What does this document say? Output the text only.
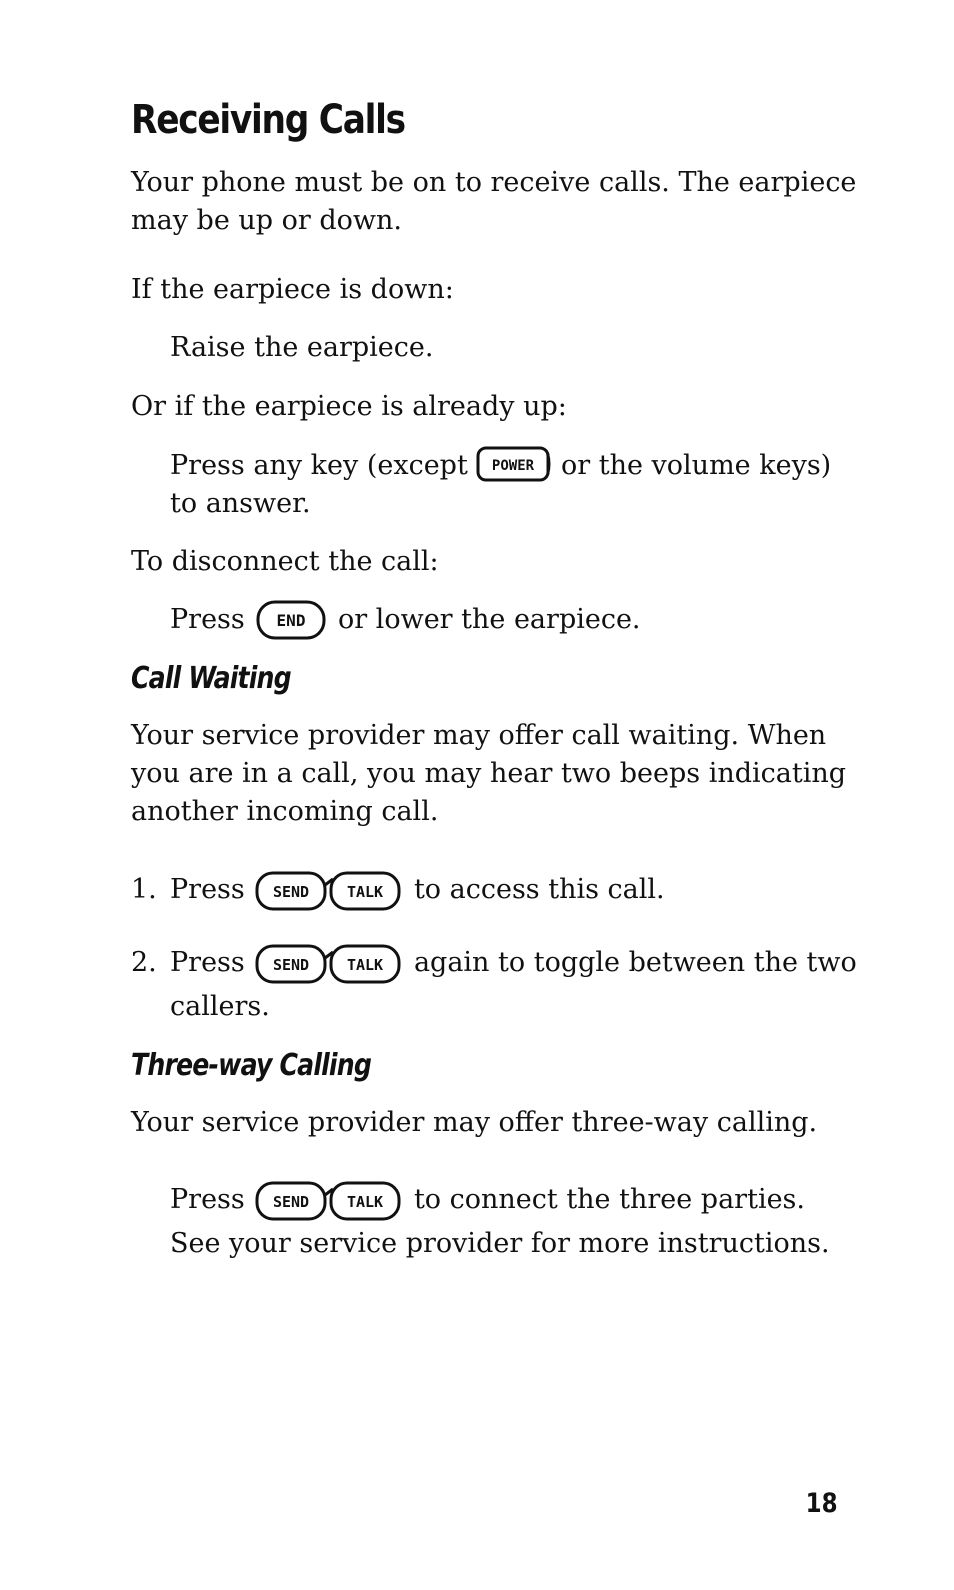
Receiving Calls

Your phone must be on to receive calls. The earpiece

may be up or down.

If the earpiece is down:

Raise the earpiece.

Or if the earpiece is already up:

Press any key (except POWER or the volume keys)

to answer.

To disconnect the call:

Press END or lower the earpiece.

Call Waiting

Your service provider may offer call waiting. When

you are in a call, you may hear two beeps indicating

another incoming call.

1. Press SEND	TALK to access this call.

2. Press SEND	TALK again to toggle between the two

callers.

Three-way Calling

Your service provider may offer three-way calling.

Press SEND	TALK to connect the three parties.

See your service provider for more instructions.

18
